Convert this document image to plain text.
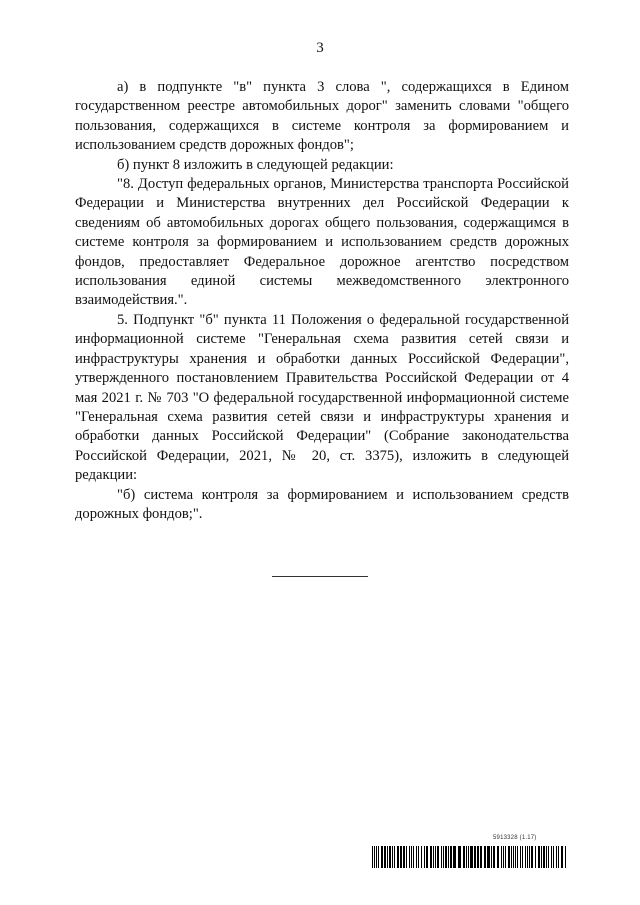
3

а) в подпункте "в" пункта 3 слова ", содержащихся в Едином государственном реестре автомобильных дорог" заменить словами "общего пользования, содержащихся в системе контроля за формированием и использованием средств дорожных фондов";

б) пункт 8 изложить в следующей редакции:

"8. Доступ федеральных органов, Министерства транспорта Российской Федерации и Министерства внутренних дел Российской Федерации к сведениям об автомобильных дорогах общего пользования, содержащимся в системе контроля за формированием и использованием средств дорожных фондов, предоставляет Федеральное дорожное агентство посредством использования единой системы межведомственного электронного взаимодействия.".

5. Подпункт "б" пункта 11 Положения о федеральной государственной информационной системе "Генеральная схема развития сетей связи и инфраструктуры хранения и обработки данных Российской Федерации", утвержденного постановлением Правительства Российской Федерации от 4 мая 2021 г. № 703 "О федеральной государственной информационной системе "Генеральная схема развития сетей связи и инфраструктуры хранения и обработки данных Российской Федерации" (Собрание законодательства Российской Федерации, 2021, № 20, ст. 3375), изложить в следующей редакции:

"б) система контроля за формированием и использованием средств дорожных фондов;".

5913328 (1.17)
